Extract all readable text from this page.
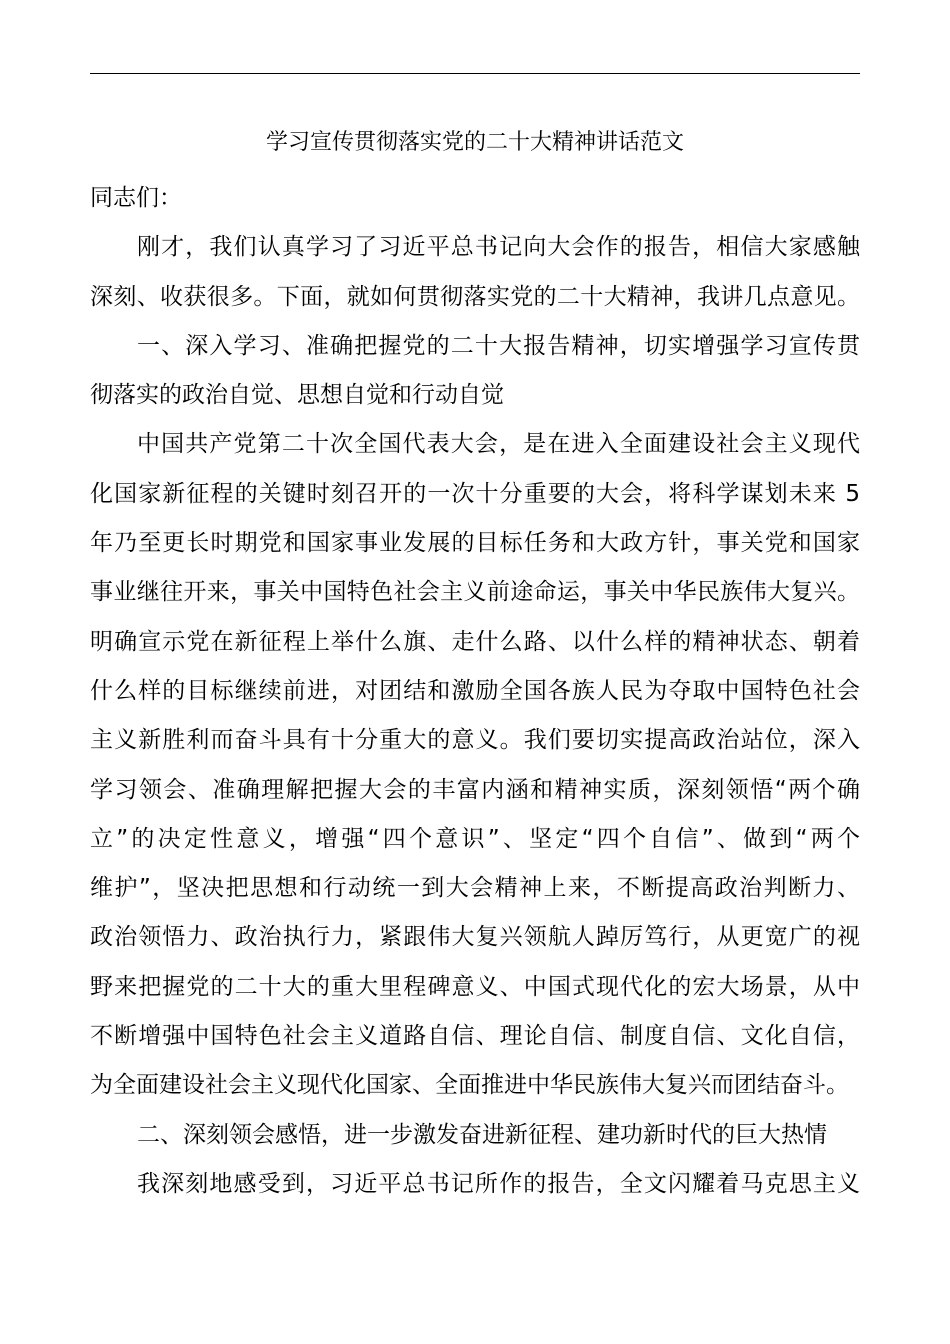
学习宣传贯彻落实党的二十大精神讲话范文
同志们：
刚才，我们认真学习了习近平总书记向大会作的报告，相信大家感触
深刻、收获很多。下面，就如何贯彻落实党的二十大精神，我讲几点意见。
一、深入学习、准确把握党的二十大报告精神，切实增强学习宣传贯
彻落实的政治自觉、思想自觉和行动自觉
中国共产党第二十次全国代表大会，是在进入全面建设社会主义现代
化国家新征程的关键时刻召开的一次十分重要的大会，将科学谋划未来 5
年乃至更长时期党和国家事业发展的目标任务和大政方针，事关党和国家
事业继往开来，事关中国特色社会主义前途命运，事关中华民族伟大复兴。
明确宣示党在新征程上举什么旗、走什么路、以什么样的精神状态、朝着
什么样的目标继续前进，对团结和激励全国各族人民为夺取中国特色社会
主义新胜利而奋斗具有十分重大的意义。我们要切实提高政治站位，深入
学习领会、准确理解把握大会的丰富内涵和精神实质，深刻领悟“两个确
立”的决定性意义，增强“四个意识”、坚定“四个自信”、做到“两个
维护”，坚决把思想和行动统一到大会精神上来，不断提高政治判断力、
政治领悟力、政治执行力，紧跟伟大复兴领航人踔厉笃行，从更宽广的视
野来把握党的二十大的重大里程碑意义、中国式现代化的宏大场景，从中
不断增强中国特色社会主义道路自信、理论自信、制度自信、文化自信，
为全面建设社会主义现代化国家、全面推进中华民族伟大复兴而团结奋斗。
二、深刻领会感悟，进一步激发奋进新征程、建功新时代的巨大热情
我深刻地感受到，习近平总书记所作的报告，全文闪耀着马克思主义
